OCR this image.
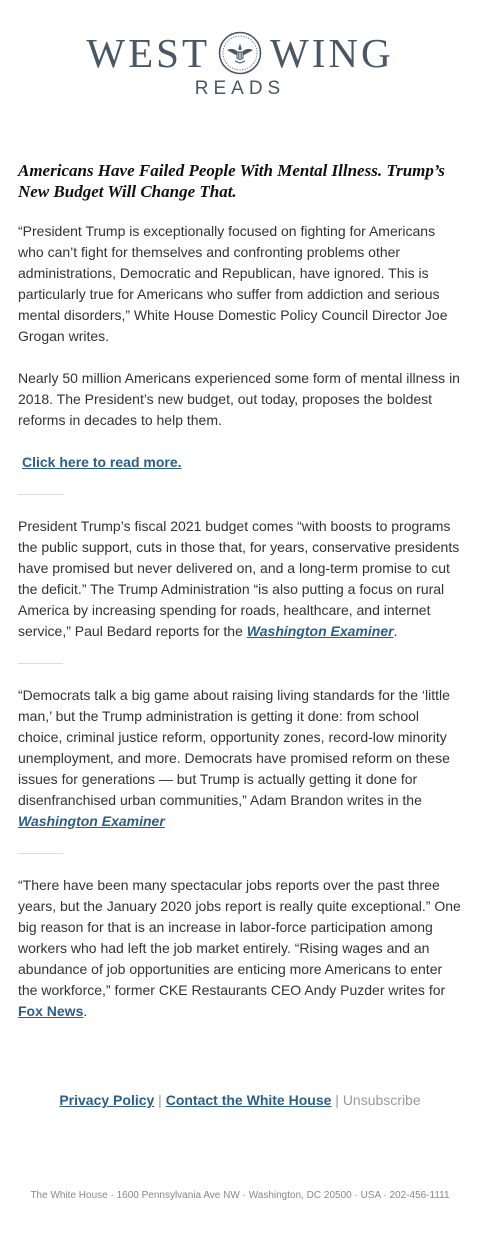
WEST WING
READS
Americans Have Failed People With Mental Illness. Trump’s New Budget Will Change That.

“President Trump is exceptionally focused on fighting for Americans who can’t fight for themselves and confronting problems other administrations, Democratic and Republican, have ignored. This is particularly true for Americans who suffer from addiction and serious mental disorders,” White House Domestic Policy Council Director Joe Grogan writes.

Nearly 50 million Americans experienced some form of mental illness in 2018. The President’s new budget, out today, proposes the boldest reforms in decades to help them.

Click here to read more.

President Trump’s fiscal 2021 budget comes “with boosts to programs the public support, cuts in those that, for years, conservative presidents have promised but never delivered on, and a long-term promise to cut the deficit.” The Trump Administration “is also putting a focus on rural America by increasing spending for roads, healthcare, and internet service,” Paul Bedard reports for the Washington Examiner.

“Democrats talk a big game about raising living standards for the ‘little man,’ but the Trump administration is getting it done: from school choice, criminal justice reform, opportunity zones, record-low minority unemployment, and more. Democrats have promised reform on these issues for generations — but Trump is actually getting it done for disenfranchised urban communities,” Adam Brandon writes in the Washington Examiner

“There have been many spectacular jobs reports over the past three years, but the January 2020 jobs report is really quite exceptional.” One big reason for that is an increase in labor-force participation among workers who had left the job market entirely. “Rising wages and an abundance of job opportunities are enticing more Americans to enter the workforce,” former CKE Restaurants CEO Andy Puzder writes for Fox News.

Privacy Policy | Contact the White House | Unsubscribe
The White House · 1600 Pennsylvania Ave NW · Washington, DC 20500 · USA · 202-456-1111
